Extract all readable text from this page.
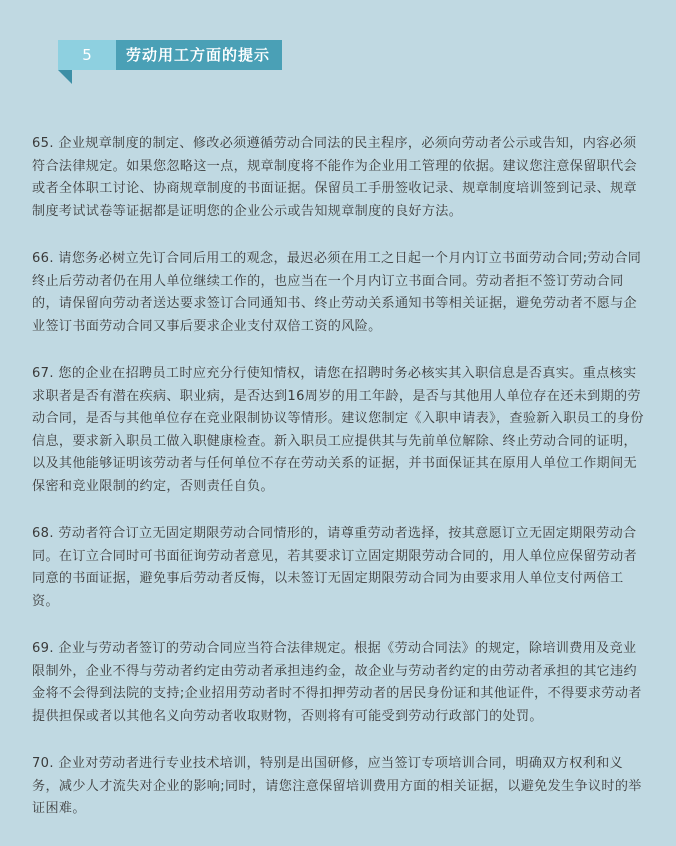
5	劳动用工方面的提示

65. 企业规章制度的制定、修改必须遵循劳动合同法的民主程序，必须向劳动者公示或告知，内容必须符合法律规定。如果您忽略这一点，规章制度将不能作为企业用工管理的依据。建议您注意保留职代会或者全体职工讨论、协商规章制度的书面证据。保留员工手册签收记录、规章制度培训签到记录、规章制度考试试卷等证据都是证明您的企业公示或告知规章制度的良好方法。

66. 请您务必树立先订合同后用工的观念，最迟必须在用工之日起一个月内订立书面劳动合同;劳动合同终止后劳动者仍在用人单位继续工作的，也应当在一个月内订立书面合同。劳动者拒不签订劳动合同的，请保留向劳动者送达要求签订合同通知书、终止劳动关系通知书等相关证据，避免劳动者不愿与企业签订书面劳动合同又事后要求企业支付双倍工资的风险。

67. 您的企业在招聘员工时应充分行使知情权，请您在招聘时务必核实其入职信息是否真实。重点核实求职者是否有潜在疾病、职业病，是否达到16周岁的用工年龄，是否与其他用人单位存在还未到期的劳动合同，是否与其他单位存在竞业限制协议等情形。建议您制定《入职申请表》，查验新入职员工的身份信息，要求新入职员工做入职健康检查。新入职员工应提供其与先前单位解除、终止劳动合同的证明，以及其他能够证明该劳动者与任何单位不存在劳动关系的证据，并书面保证其在原用人单位工作期间无保密和竞业限制的约定，否则责任自负。

68. 劳动者符合订立无固定期限劳动合同情形的，请尊重劳动者选择，按其意愿订立无固定期限劳动合同。在订立合同时可书面征询劳动者意见，若其要求订立固定期限劳动合同的，用人单位应保留劳动者同意的书面证据，避免事后劳动者反悔，以未签订无固定期限劳动合同为由要求用人单位支付两倍工资。

69. 企业与劳动者签订的劳动合同应当符合法律规定。根据《劳动合同法》的规定，除培训费用及竞业限制外，企业不得与劳动者约定由劳动者承担违约金，故企业与劳动者约定的由劳动者承担的其它违约金将不会得到法院的支持;企业招用劳动者时不得扣押劳动者的居民身份证和其他证件，不得要求劳动者提供担保或者以其他名义向劳动者收取财物，否则将有可能受到劳动行政部门的处罚。

70. 企业对劳动者进行专业技术培训，特别是出国研修，应当签订专项培训合同，明确双方权利和义务，减少人才流失对企业的影响;同时，请您注意保留培训费用方面的相关证据，以避免发生争议时的举证困难。
